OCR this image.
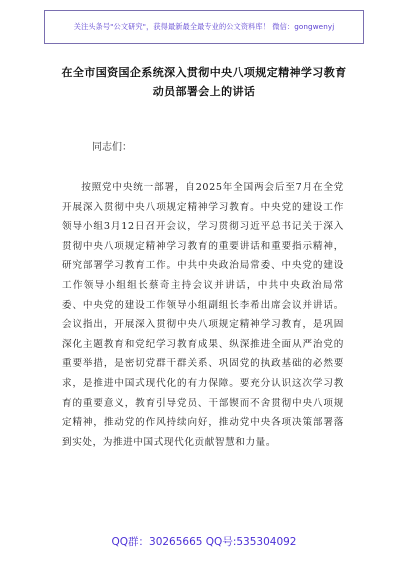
关注头条号"公文研究"，获得最新最全最专业的公文资料库！ 微信：gongwenyj
在全市国资国企系统深入贯彻中央八项规定精神学习教育
动员部署会上的讲话
同志们：
按照党中央统一部署，自2025年全国两会后至7月在全党开展深入贯彻中央八项规定精神学习教育。中央党的建设工作领导小组3月12日召开会议，学习贯彻习近平总书记关于深入贯彻中央八项规定精神学习教育的重要讲话和重要指示精神，研究部署学习教育工作。中共中央政治局常委、中央党的建设工作领导小组组长蔡奇主持会议并讲话，中共中央政治局常委、中央党的建设工作领导小组副组长李希出席会议并讲话。会议指出，开展深入贯彻中央八项规定精神学习教育，是巩固深化主题教育和党纪学习教育成果、纵深推进全面从严治党的重要举措，是密切党群干群关系、巩固党的执政基础的必然要求，是推进中国式现代化的有力保障。要充分认识这次学习教育的重要意义，教育引导党员、干部锲而不舍贯彻中央八项规定精神，推动党的作风持续向好，推动党中央各项决策部署落到实处，为推进中国式现代化贡献智慧和力量。
QQ群：30265665 QQ号:535304092
